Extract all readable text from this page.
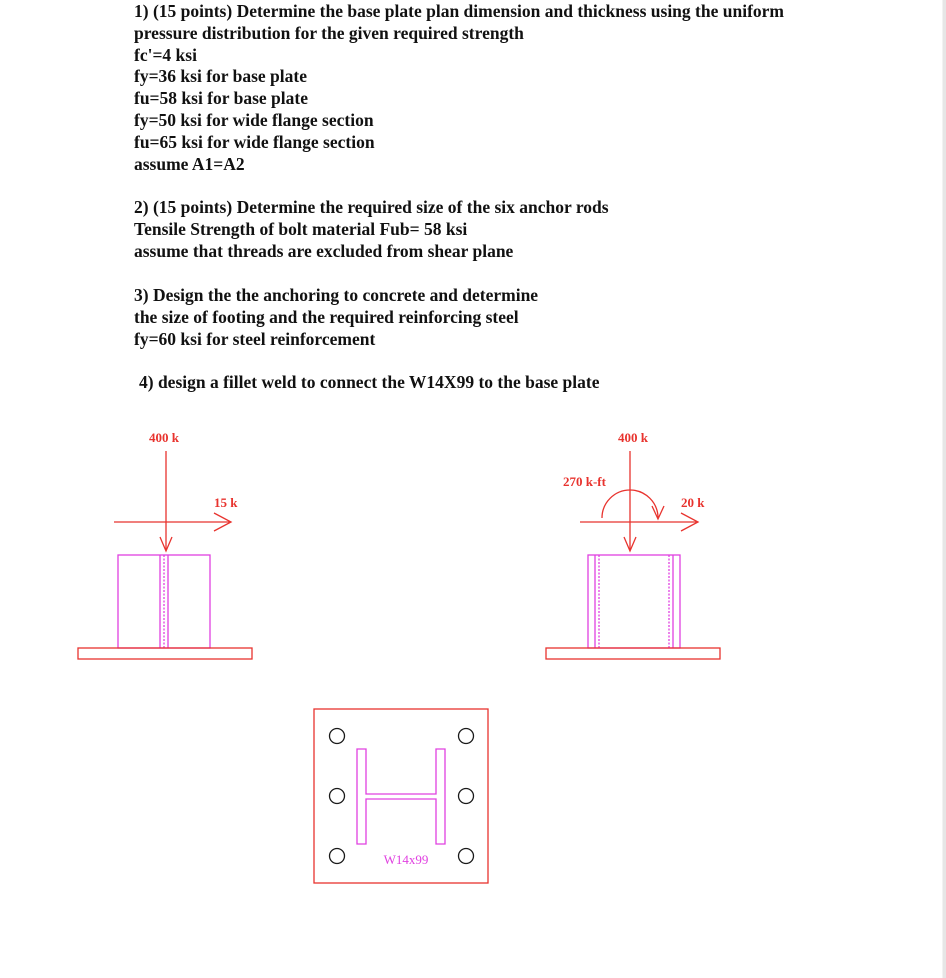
1) (15 points) Determine the base plate plan dimension and thickness using the uniform
pressure distribution for the given required strength
fc'=4 ksi
fy=36 ksi for base plate
fu=58 ksi for base plate
fy=50 ksi for wide flange section
fu=65 ksi for wide flange section
assume A1=A2
2) (15 points) Determine the required size of the six anchor rods
Tensile Strength of bolt material Fub= 58 ksi
assume that threads are excluded from shear plane
3) Design the the anchoring to concrete and determine
the size of footing and the required reinforcing steel
fy=60 ksi for steel reinforcement
4) design a fillet weld to connect the W14X99 to the base plate
400 k
15 k
400 k
270 k-ft
20 k
W14x99
